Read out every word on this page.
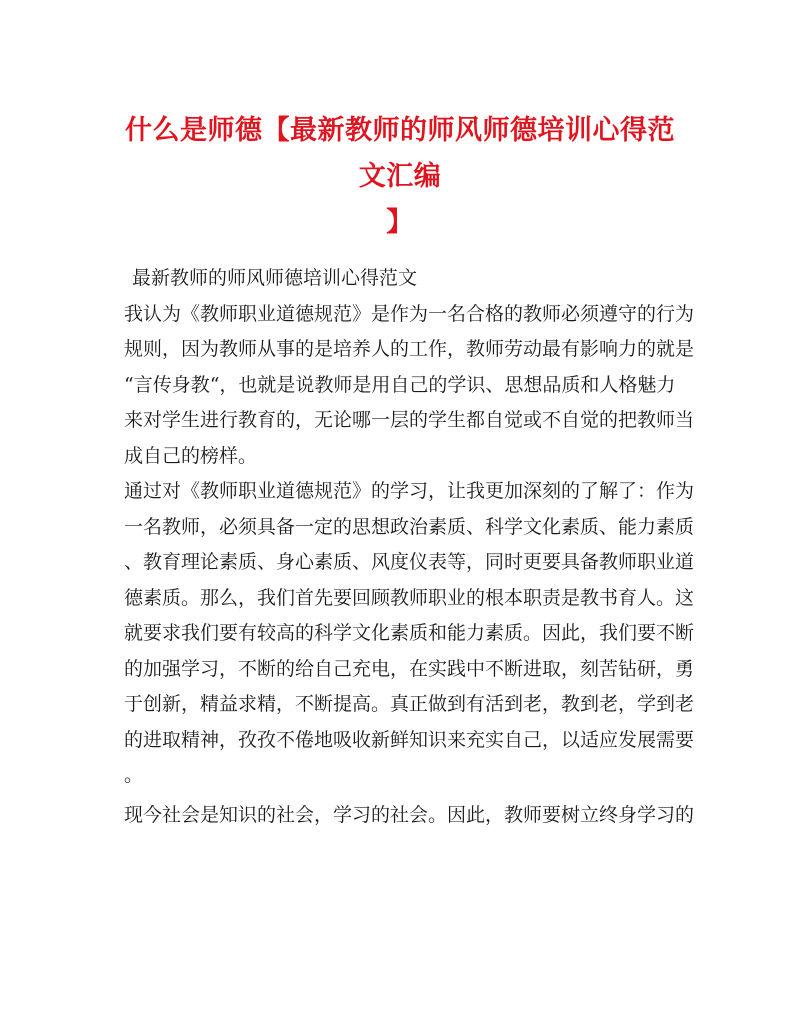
什么是师德【最新教师的师风师德培训心得范文汇编
】
最新教师的师风师德培训心得范文
我认为《教师职业道德规范》是作为一名合格的教师必须遵守的行为
规则，因为教师从事的是培养人的工作，教师劳动最有影响力的就是
“言传身教“，也就是说教师是用自己的学识、思想品质和人格魅力
来对学生进行教育的，无论哪一层的学生都自觉或不自觉的把教师当
成自己的榜样。
通过对《教师职业道德规范》的学习，让我更加深刻的了解了：作为
一名教师，必须具备一定的思想政治素质、科学文化素质、能力素质
、教育理论素质、身心素质、风度仪表等，同时更要具备教师职业道
德素质。那么，我们首先要回顾教师职业的根本职责是教书育人。这
就要求我们要有较高的科学文化素质和能力素质。因此，我们要不断
的加强学习，不断的给自己充电，在实践中不断进取，刻苦钻研，勇
于创新，精益求精，不断提高。真正做到有活到老，教到老，学到老
的进取精神，孜孜不倦地吸收新鲜知识来充实自己，以适应发展需要
。
现今社会是知识的社会，学习的社会。因此，教师要树立终身学习的
